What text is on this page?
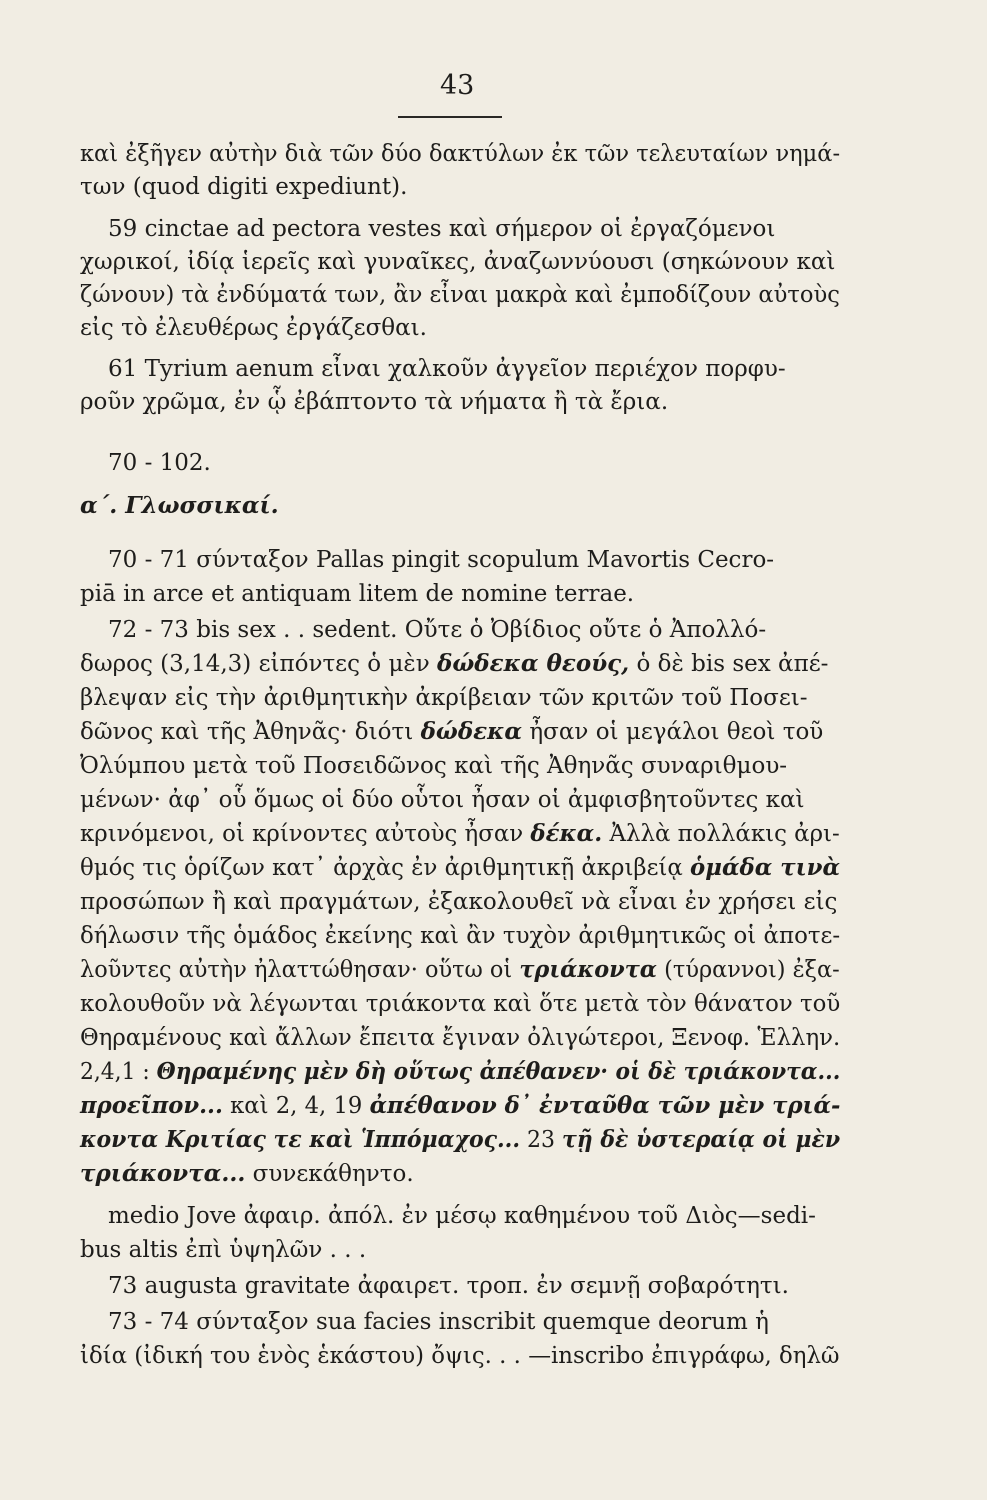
43
καὶ ἐξῆγεν αὐτὴν διὰ τῶν δύο δακτύλων ἐκ τῶν τελευταίων νημά-
των (quod digiti expediunt).
59 cinctae ad pectora vestes καὶ σήμερον οἱ ἐργαζόμενοι
χωρικοί, ἰδίᾳ ἱερεῖς καὶ γυναῖκες, ἀναζωννύουσι (σηκώνουν καὶ
ζώνουν) τὰ ἐνδύματά των, ἂν εἶναι μακρὰ καὶ ἐμποδίζουν αὐτοὺς
εἰς τὸ ἐλευθέρως ἐργάζεσθαι.
61 Tyrium aenum εἶναι χαλκοῦν ἀγγεῖον περιέχον πορφυ-
ροῦν χρῶμα, ἐν ᾧ ἐβάπτοντο τὰ νήματα ἢ τὰ ἔρια.
70 - 102.
α΄. Γλωσσικαί.
70 - 71 σύνταξον Pallas pingit scopulum Mavortis Cecro-
piā in arce et antiquam litem de nomine terrae.
72 - 73 bis sex . . sedent. Οὔτε ὁ Ὀβίδιος οὔτε ὁ Ἀπολλό-
δωρος (3,14,3) εἰπόντες ὁ μὲν δώδεκα θεούς, ὁ δὲ bis sex ἀπέ-
βλεψαν εἰς τὴν ἀριθμητικὴν ἀκρίβειαν τῶν κριτῶν τοῦ Ποσει-
δῶνος καὶ τῆς Ἀθηνᾶς· διότι δώδεκα ἦσαν οἱ μεγάλοι θεοὶ τοῦ
Ὀλύμπου μετὰ τοῦ Ποσειδῶνος καὶ τῆς Ἀθηνᾶς συναριθμου-
μένων· ἀφ᾽ οὗ ὅμως οἱ δύο οὗτοι ἦσαν οἱ ἀμφισβητοῦντες καὶ
κρινόμενοι, οἱ κρίνοντες αὐτοὺς ἦσαν δέκα. Ἀλλὰ πολλάκις ἀρι-
θμός τις ὁρίζων κατ᾽ ἀρχὰς ἐν ἀριθμητικῇ ἀκριβείᾳ ὁμάδα τινὰ
προσώπων ἢ καὶ πραγμάτων, ἐξακολουθεῖ νὰ εἶναι ἐν χρήσει εἰς
δήλωσιν τῆς ὁμάδος ἐκείνης καὶ ἂν τυχὸν ἀριθμητικῶς οἱ ἀποτε-
λοῦντες αὐτὴν ἠλαττώθησαν· οὕτω οἱ τριάκοντα (τύραννοι) ἐξα-
κολουθοῦν νὰ λέγωνται τριάκοντα καὶ ὅτε μετὰ τὸν θάνατον τοῦ
Θηραμένους καὶ ἄλλων ἔπειτα ἔγιναν ὀλιγώτεροι, Ξενοφ. Ἑλλην.
2,4,1 : Θηραμένης μὲν δὴ οὕτως ἀπέθανεν· οἱ δὲ τριάκοντα...
προεῖπον... καὶ 2, 4, 19 ἀπέθανον δ᾽ ἐνταῦθα τῶν μὲν τριά-
κοντα Κριτίας τε καὶ Ἱππόμαχος... 23 τῇ δὲ ὑστεραίᾳ οἱ μὲν
τριάκοντα... συνεκάθηντο.
medio Jove ἀφαιρ. ἀπόλ. ἐν μέσῳ καθημένου τοῦ Διὸς—sedi-
bus altis ἐπὶ ὑψηλῶν . . .
73 augusta gravitate ἀφαιρετ. τροπ. ἐν σεμνῇ σοβαρότητι.
73 - 74 σύνταξον sua facies inscribit quemque deorum ἡ
ἰδία (ἰδική του ἑνὸς ἑκάστου) ὄψις. . . —inscribo ἐπιγράφω, δηλῶ
